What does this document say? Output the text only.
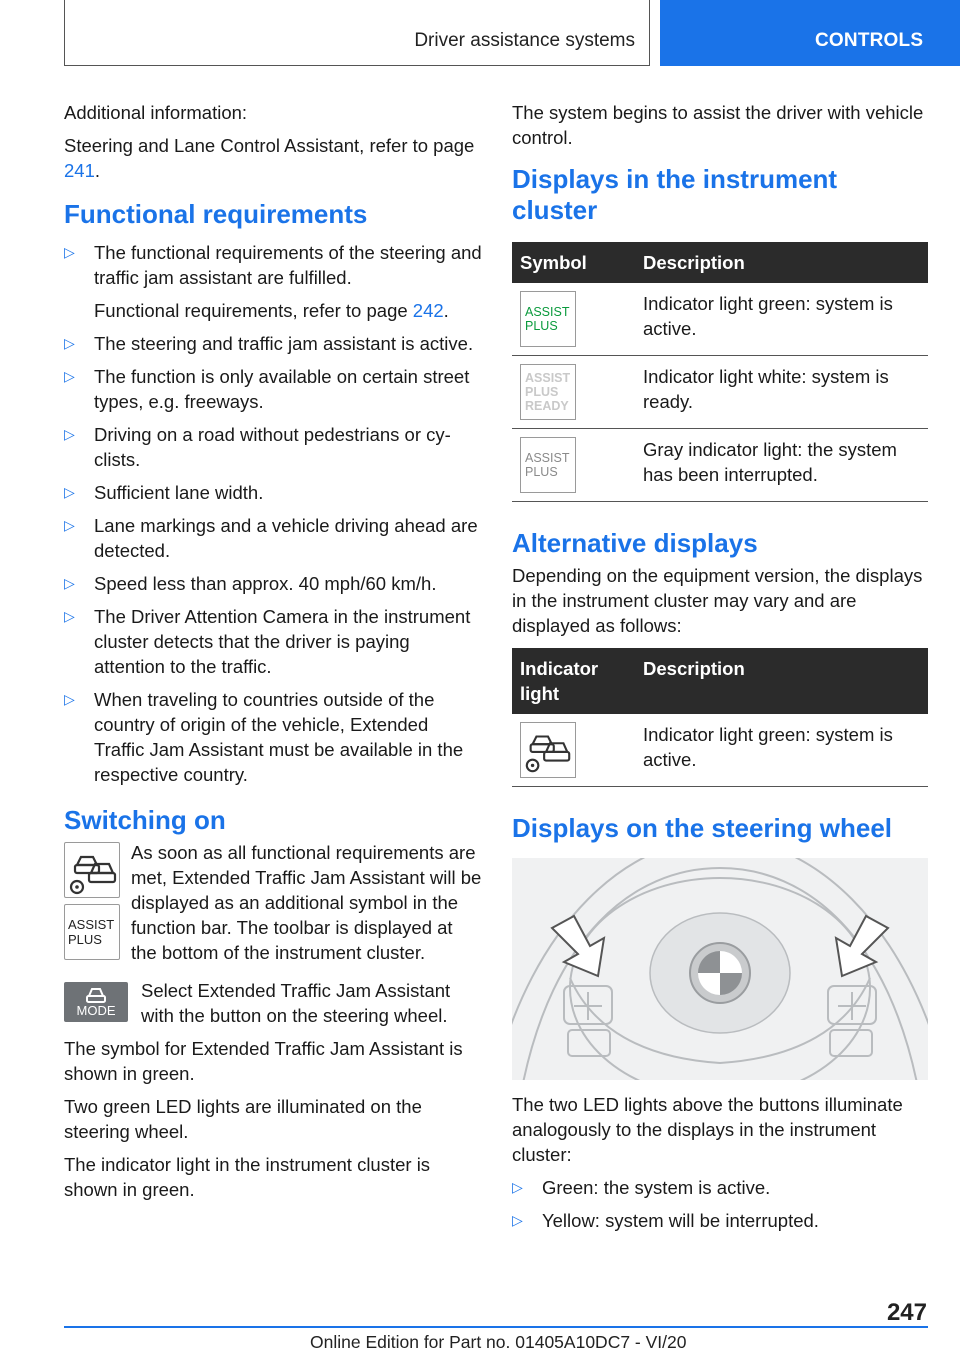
Driver assistance systems	CONTROLS

Additional information:

Steering and Lane Control Assistant, refer to page 241.

Functional requirements
▷ The functional requirements of the steering and traffic jam assistant are fulfilled.
Functional requirements, refer to page 242.
▷ The steering and traffic jam assistant is active.
▷ The function is only available on certain street types, e.g. freeways.
▷ Driving on a road without pedestrians or cyclists.
▷ Sufficient lane width.
▷ Lane markings and a vehicle driving ahead are detected.
▷ Speed less than approx. 40 mph/60 km/h.
▷ The Driver Attention Camera in the instrument cluster detects that the driver is paying attention to the traffic.
▷ When traveling to countries outside of the country of origin of the vehicle, Extended Traffic Jam Assistant must be available in the respective country.
Switching on
ASSIST
PLUS

As soon as all functional requirements are met, Extended Traffic Jam Assistant will be displayed as an additional symbol in the function bar. The toolbar is displayed at the bottom of the instrument cluster.

MODE

Select Extended Traffic Jam Assistant with the button on the steering wheel.

The symbol for Extended Traffic Jam Assistant is shown in green.

Two green LED lights are illuminated on the steering wheel.

The indicator light in the instrument cluster is shown in green.

The system begins to assist the driver with vehicle control.

Displays in the instrument cluster
Symbol	Description

ASSIST
PLUS	Indicator light green: system is active.

ASSIST
PLUS
READY	Indicator light white: system is ready.

ASSIST
PLUS	Gray indicator light: the system has been interrupted.
Alternative displays

Depending on the equipment version, the displays in the instrument cluster may vary and are displayed as follows:

Indicator light	Description

	Indicator light green: system is active.
Displays on the steering wheel

The two LED lights above the buttons illuminate analogously to the displays in the instrument cluster:

▷ Green: the system is active.
▷ Yellow: system will be interrupted.
247
Online Edition for Part no. 01405A10DC7 - VI/20
